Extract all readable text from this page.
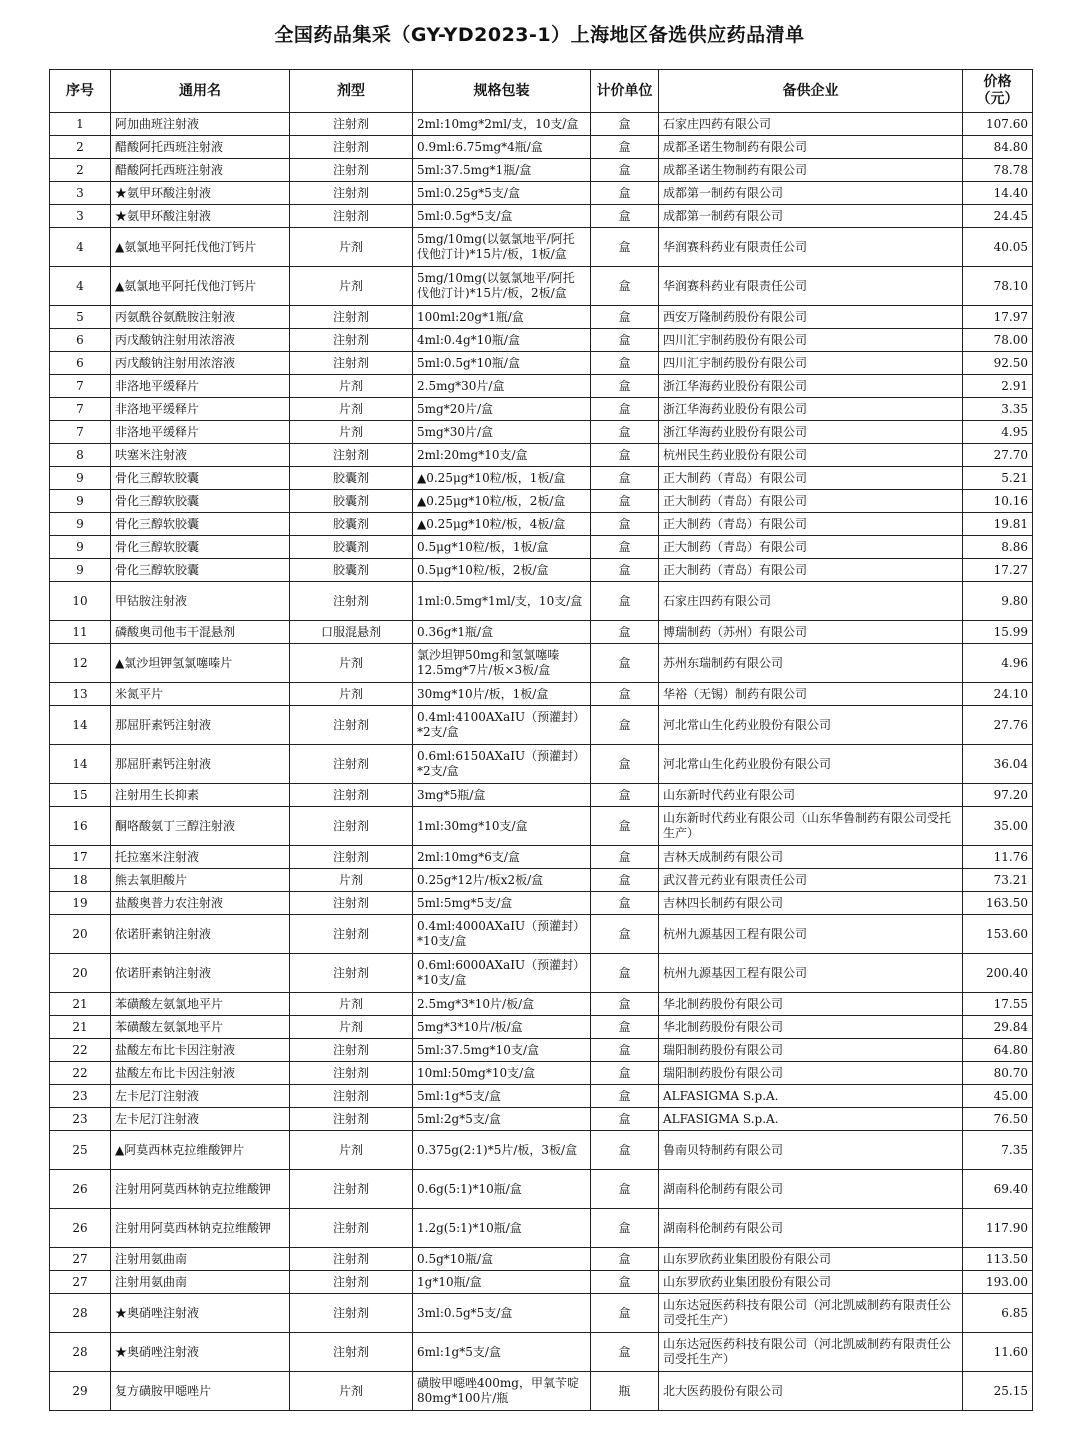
全国药品集采（GY-YD2023-1）上海地区备选供应药品清单
序号	通用名	剂型	规格包装	计价单位	备供企业	价格
（元）
1	阿加曲班注射液	注射剂	2ml:10mg*2ml/支，10支/盒	盒	石家庄四药有限公司	107.60
2	醋酸阿托西班注射液	注射剂	0.9ml:6.75mg*4瓶/盒	盒	成都圣诺生物制药有限公司	84.80
2	醋酸阿托西班注射液	注射剂	5ml:37.5mg*1瓶/盒	盒	成都圣诺生物制药有限公司	78.78
3	★氨甲环酸注射液	注射剂	5ml:0.25g*5支/盒	盒	成都第一制药有限公司	14.40
3	★氨甲环酸注射液	注射剂	5ml:0.5g*5支/盒	盒	成都第一制药有限公司	24.45
4	▲氨氯地平阿托伐他汀钙片	片剂	5mg/10mg(以氨氯地平/阿托伐他汀计)*15片/板，1板/盒	盒	华润赛科药业有限责任公司	40.05
4	▲氨氯地平阿托伐他汀钙片	片剂	5mg/10mg(以氨氯地平/阿托伐他汀计)*15片/板，2板/盒	盒	华润赛科药业有限责任公司	78.10
5	丙氨酰谷氨酰胺注射液	注射剂	100ml:20g*1瓶/盒	盒	西安万隆制药股份有限公司	17.97
6	丙戊酸钠注射用浓溶液	注射剂	4ml:0.4g*10瓶/盒	盒	四川汇宇制药股份有限公司	78.00
6	丙戊酸钠注射用浓溶液	注射剂	5ml:0.5g*10瓶/盒	盒	四川汇宇制药股份有限公司	92.50
7	非洛地平缓释片	片剂	2.5mg*30片/盒	盒	浙江华海药业股份有限公司	2.91
7	非洛地平缓释片	片剂	5mg*20片/盒	盒	浙江华海药业股份有限公司	3.35
7	非洛地平缓释片	片剂	5mg*30片/盒	盒	浙江华海药业股份有限公司	4.95
8	呋塞米注射液	注射剂	2ml:20mg*10支/盒	盒	杭州民生药业股份有限公司	27.70
9	骨化三醇软胶囊	胶囊剂	▲0.25μg*10粒/板，1板/盒	盒	正大制药（青岛）有限公司	5.21
9	骨化三醇软胶囊	胶囊剂	▲0.25μg*10粒/板，2板/盒	盒	正大制药（青岛）有限公司	10.16
9	骨化三醇软胶囊	胶囊剂	▲0.25μg*10粒/板，4板/盒	盒	正大制药（青岛）有限公司	19.81
9	骨化三醇软胶囊	胶囊剂	0.5μg*10粒/板，1板/盒	盒	正大制药（青岛）有限公司	8.86
9	骨化三醇软胶囊	胶囊剂	0.5μg*10粒/板，2板/盒	盒	正大制药（青岛）有限公司	17.27
10	甲钴胺注射液	注射剂	1ml:0.5mg*1ml/支，10支/盒	盒	石家庄四药有限公司	9.80
11	磷酸奥司他韦干混悬剂	口服混悬剂	0.36g*1瓶/盒	盒	博瑞制药（苏州）有限公司	15.99
12	▲氯沙坦钾氢氯噻嗪片	片剂	氯沙坦钾50mg和氢氯噻嗪12.5mg*7片/板×3板/盒	盒	苏州东瑞制药有限公司	4.96
13	米氮平片	片剂	30mg*10片/板，1板/盒	盒	华裕（无锡）制药有限公司	24.10
14	那屈肝素钙注射液	注射剂	0.4ml:4100AXaIU（预灌封）*2支/盒	盒	河北常山生化药业股份有限公司	27.76
14	那屈肝素钙注射液	注射剂	0.6ml:6150AXaIU（预灌封）*2支/盒	盒	河北常山生化药业股份有限公司	36.04
15	注射用生长抑素	注射剂	3mg*5瓶/盒	盒	山东新时代药业有限公司	97.20
16	酮咯酸氨丁三醇注射液	注射剂	1ml:30mg*10支/盒	盒	山东新时代药业有限公司（山东华鲁制药有限公司受托生产）	35.00
17	托拉塞米注射液	注射剂	2ml:10mg*6支/盒	盒	吉林天成制药有限公司	11.76
18	熊去氧胆酸片	片剂	0.25g*12片/板x2板/盒	盒	武汉普元药业有限责任公司	73.21
19	盐酸奥普力农注射液	注射剂	5ml:5mg*5支/盒	盒	吉林四长制药有限公司	163.50
20	依诺肝素钠注射液	注射剂	0.4ml:4000AXaIU（预灌封）*10支/盒	盒	杭州九源基因工程有限公司	153.60
20	依诺肝素钠注射液	注射剂	0.6ml:6000AXaIU（预灌封）*10支/盒	盒	杭州九源基因工程有限公司	200.40
21	苯磺酸左氨氯地平片	片剂	2.5mg*3*10片/板/盒	盒	华北制药股份有限公司	17.55
21	苯磺酸左氨氯地平片	片剂	5mg*3*10片/板/盒	盒	华北制药股份有限公司	29.84
22	盐酸左布比卡因注射液	注射剂	5ml:37.5mg*10支/盒	盒	瑞阳制药股份有限公司	64.80
22	盐酸左布比卡因注射液	注射剂	10ml:50mg*10支/盒	盒	瑞阳制药股份有限公司	80.70
23	左卡尼汀注射液	注射剂	5ml:1g*5支/盒	盒	ALFASIGMA S.p.A.	45.00
23	左卡尼汀注射液	注射剂	5ml:2g*5支/盒	盒	ALFASIGMA S.p.A.	76.50
25	▲阿莫西林克拉维酸钾片	片剂	0.375g(2:1)*5片/板，3板/盒	盒	鲁南贝特制药有限公司	7.35
26	注射用阿莫西林钠克拉维酸钾	注射剂	0.6g(5:1)*10瓶/盒	盒	湖南科伦制药有限公司	69.40
26	注射用阿莫西林钠克拉维酸钾	注射剂	1.2g(5:1)*10瓶/盒	盒	湖南科伦制药有限公司	117.90
27	注射用氨曲南	注射剂	0.5g*10瓶/盒	盒	山东罗欣药业集团股份有限公司	113.50
27	注射用氨曲南	注射剂	1g*10瓶/盒	盒	山东罗欣药业集团股份有限公司	193.00
28	★奥硝唑注射液	注射剂	3ml:0.5g*5支/盒	盒	山东达冠医药科技有限公司（河北凯威制药有限责任公司受托生产）	6.85
28	★奥硝唑注射液	注射剂	6ml:1g*5支/盒	盒	山东达冠医药科技有限公司（河北凯威制药有限责任公司受托生产）	11.60
29	复方磺胺甲噁唑片	片剂	磺胺甲噁唑400mg，甲氧苄啶80mg*100片/瓶	瓶	北大医药股份有限公司	25.15
